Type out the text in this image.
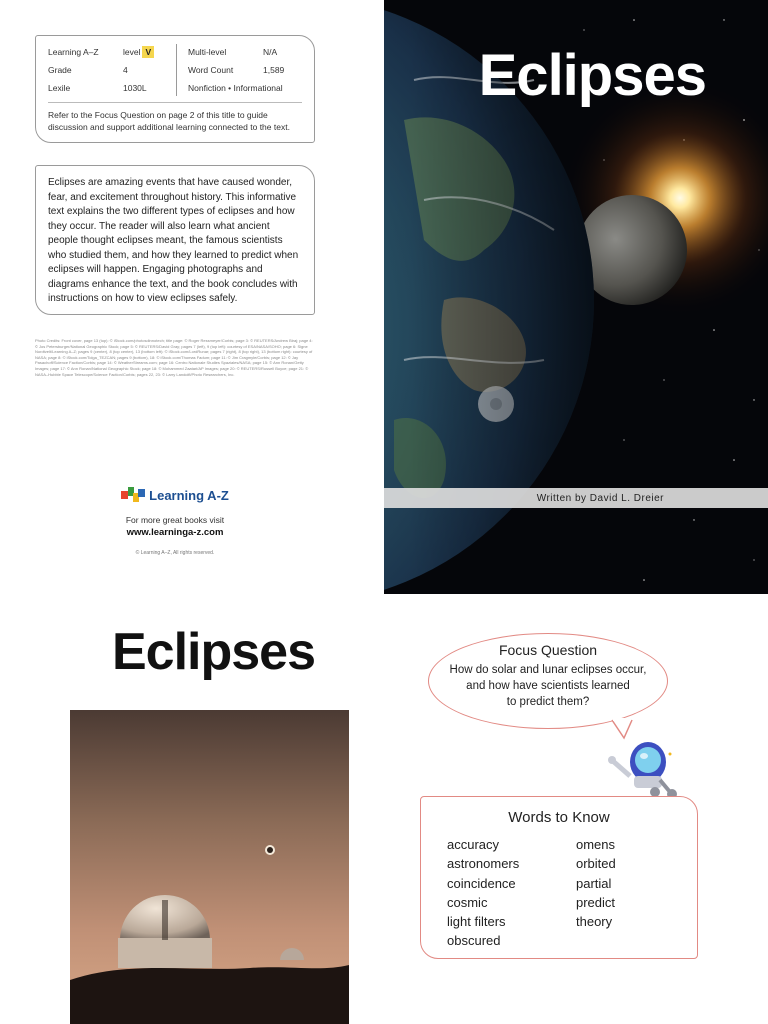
Learning A–Z
Grade
Lexile
level V
4
1030L
Multi-level
Word Count
Nonfiction • Informational
N/A
1,589
Refer to the Focus Question on page 2 of this title to guide discussion and support additional learning connected to the text.
Eclipses are amazing events that have caused wonder, fear, and excitement throughout history. This informative text explains the two different types of eclipses and how they occur. The reader will also learn what ancient people thought eclipses meant, the famous scientists who studied them, and how they learned to predict when eclipses will happen. Engaging photographs and diagrams enhance the text, and the book concludes with instructions on how to view eclipses safely.
Photo Credits: Front cover, page 13 (top): © iStock.com/photosdinnotech; title page: © Roger Ressmeyer/Corbis; page 3: © REUTERS/Andrew Biraj; page 4: © Jos Petersburger/National Geographic Stock; page 5: © REUTERS/David Gray; pages 7 (left), 9 (top left): courtesy of ESA/NASA/SOHO; page 6: Signe Nordtvelt/Learning A–Z; pages 9 (center), 8 (top center), 13 (bottom left): © iStock.com/LordRunar; pages 7 (right), 8 (top right), 13 (bottom right): courtesy of NASA; page 8: © iStock.com/Tolga_TEZCAN; pages 9 (bottom), 18: © iStock.com/Thomas Fadum; page 11: © Jim Cragmyle/Corbis; page 12: © Jay Pasachoff/Science Faction/Corbis; page 14: © WeatherStreams.com; page 16: Centro Nationale Studies Spaziales/NASA; page 15: © Ann Ronan/Getty Images; page 17: © Ann Ronan/National Geographic Stock; page 18: © Mohammed Zaatari/AP Images; page 20: © REUTERS/Russell Boyce; page 21: © NASA–Hubble Space Telescope/Science Faction/Corbis; pages 22, 23: © Larry Landolfi/Photo Researchers, Inc.
Learning A-Z
For more great books visit
www.learninga-z.com
© Learning A–Z, All rights reserved.
Eclipses
Written by David L. Dreier
Eclipses	Focus Question
How do solar and lunar eclipses occur,
and how have scientists learned
to predict them?
Words to Know
accuracy
astronomers
coincidence
cosmic
light filters
obscured
omens
orbited
partial
predict
theory
